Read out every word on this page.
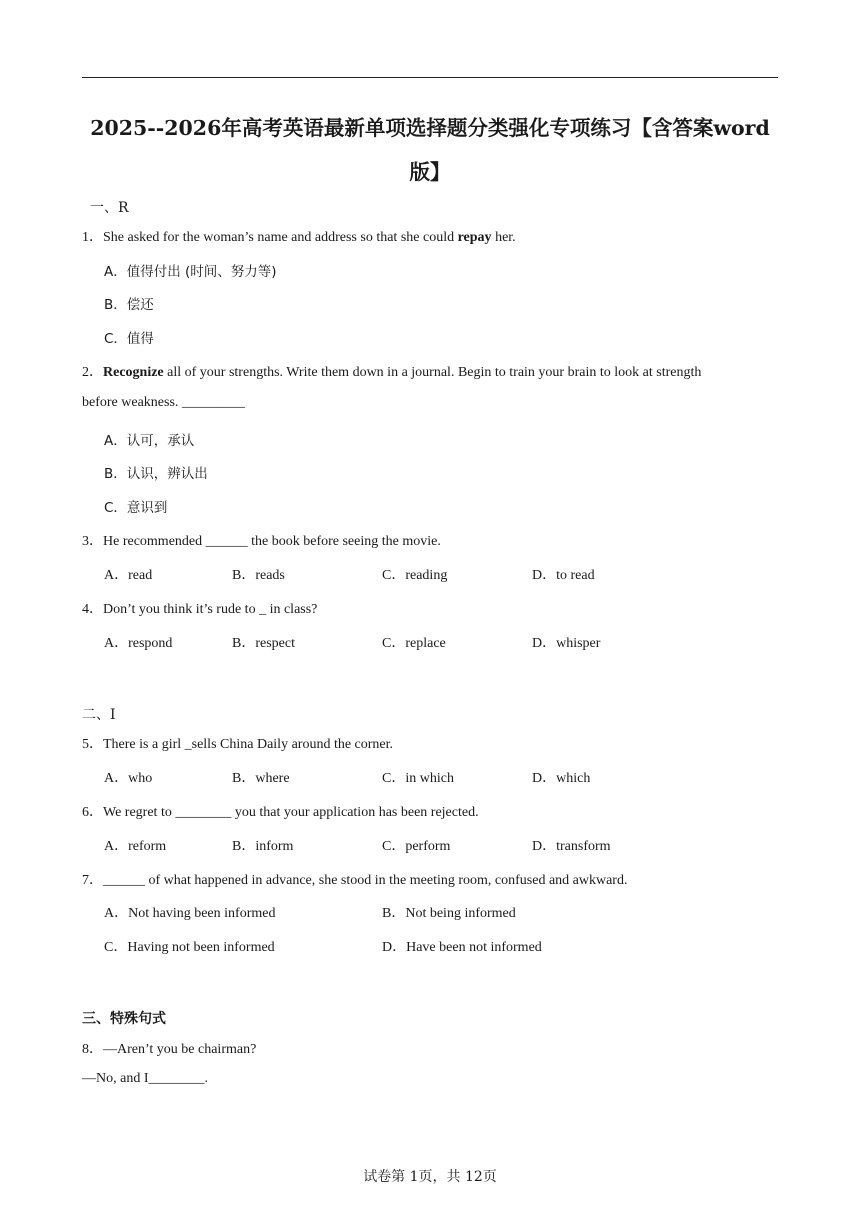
2025--2026年高考英语最新单项选择题分类强化专项练习【含答案word版】
一、R
1．She asked for the woman’s name and address so that she could repay her.
A．值得付出 (时间、努力等)
B．偿还
C．值得
2．Recognize all of your strengths. Write them down in a journal. Begin to train your brain to look at strength
before weakness. _________
A．认可，承认
B．认识，辨认出
C．意识到
3．He recommended ______ the book before seeing the movie.
A．read	B．reads	C．reading	D．to read
4．Don’t you think it’s rude to _ in class?
A．respond	B．respect	C．replace	D．whisper
二、I
5．There is a girl _sells China Daily around the corner.
A．who	B．where	C．in which	D．which
6．We regret to ________ you that your application has been rejected.
A．reform	B．inform	C．perform	D．transform
7．______ of what happened in advance, she stood in the meeting room, confused and awkward.
A．Not having been informed	B．Not being informed
C．Having not been informed	D．Have been not informed
三、特殊句式
8．—Aren’t you be chairman?
—No, and I________.
试卷第 1页，共 12页
